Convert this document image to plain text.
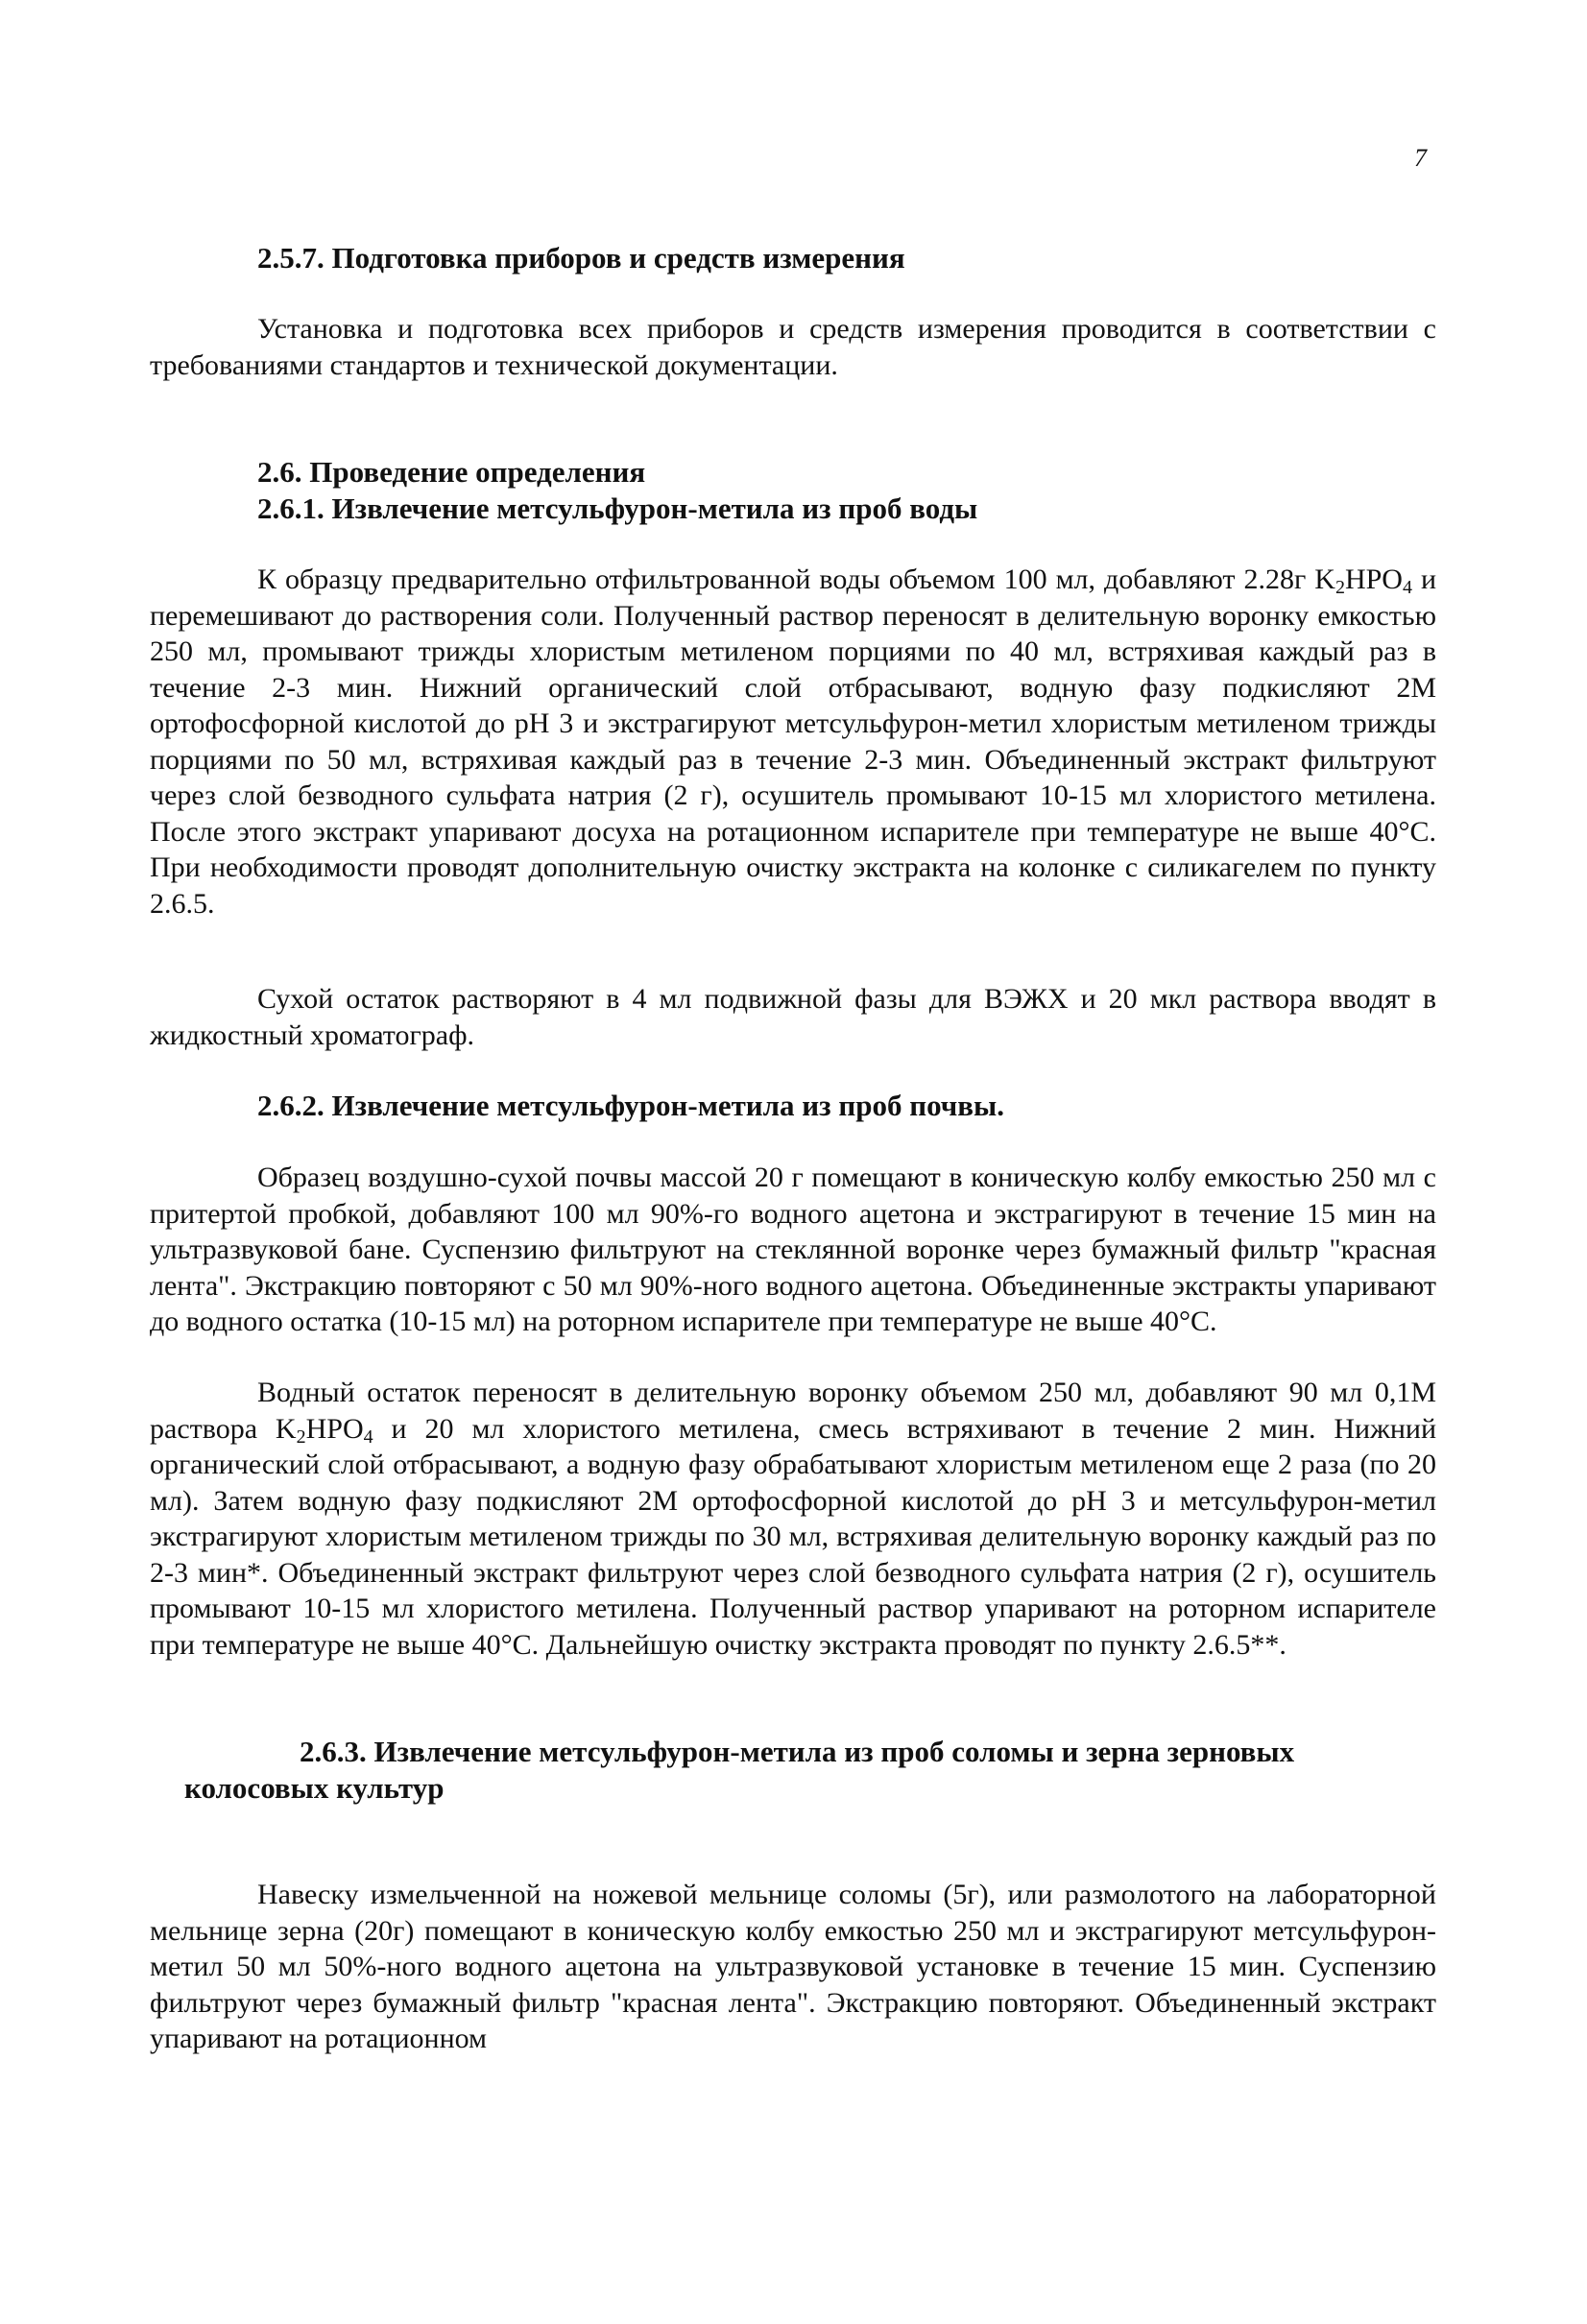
7
2.5.7. Подготовка приборов и средств измерения

Установка и подготовка всех приборов и средств измерения проводится в соответствии с требованиями стандартов и технической документации.

2.6. Проведение определения
2.6.1. Извлечение метсульфурон-метила из проб воды

К образцу предварительно отфильтрованной воды объемом 100 мл, добавляют 2.28г $K_2HPO_4$ и перемешивают до растворения соли. Полученный раствор переносят в делительную воронку емкостью 250 мл, промывают трижды хлористым метиленом порциями по 40 мл, встряхивая каждый раз в течение 2-3 мин. Нижний органический слой отбрасывают, водную фазу подкисляют 2М ортофосфорной кислотой до pH 3 и экстрагируют метсульфурон-метил хлористым метиленом трижды порциями по 50 мл, встряхивая каждый раз в течение 2-3 мин. Объединенный экстракт фильтруют через слой безводного сульфата натрия (2 г), осушитель промывают 10-15 мл хлористого метилена. После этого экстракт упаривают досуха на ротационном испарителе при температуре не выше 40°С. При необходимости проводят дополнительную очистку экстракта на колонке с силикагелем по пункту 2.6.5.

Сухой остаток растворяют в 4 мл подвижной фазы для ВЭЖХ и 20 мкл раствора вводят в жидкостный хроматограф.

2.6.2. Извлечение метсульфурон-метила из проб почвы.

Образец воздушно-сухой почвы массой 20 г помещают в коническую колбу емкостью 250 мл с притертой пробкой, добавляют 100 мл 90%-го водного ацетона и экстрагируют в течение 15 мин на ультразвуковой бане. Суспензию фильтруют на стеклянной воронке через бумажный фильтр "красная лента". Экстракцию повторяют с 50 мл 90%-ного водного ацетона. Объединенные экстракты упаривают до водного остатка (10-15 мл) на роторном испарителе при температуре не выше 40°С.

Водный остаток переносят в делительную воронку объемом 250 мл, добавляют 90 мл 0,1М раствора $K_2HPO_4$ и 20 мл хлористого метилена, смесь встряхивают в течение 2 мин. Нижний органический слой отбрасывают, а водную фазу обрабатывают хлористым метиленом еще 2 раза (по 20 мл). Затем водную фазу подкисляют 2М ортофосфорной кислотой до pH 3 и метсульфурон-метил экстрагируют хлористым метиленом трижды по 30 мл, встряхивая делительную воронку каждый раз по 2-3 мин*. Объединенный экстракт фильтруют через слой безводного сульфата натрия (2 г), осушитель промывают 10-15 мл хлористого метилена. Полученный раствор упаривают на роторном испарителе при температуре не выше 40°С. Дальнейшую очистку экстракта проводят по пункту 2.6.5**.

2.6.3. Извлечение метсульфурон-метила из проб соломы и зерна зерновых
колосовых культур

Навеску измельченной на ножевой мельнице соломы (5г), или размолотого на лабораторной мельнице зерна (20г) помещают в коническую колбу емкостью 250 мл и экстрагируют метсульфурон-метил 50 мл 50%-ного водного ацетона на ультразвуковой установке в течение 15 мин. Суспензию фильтруют через бумажный фильтр "красная лента". Экстракцию повторяют. Объединенный экстракт упаривают на ротационном
